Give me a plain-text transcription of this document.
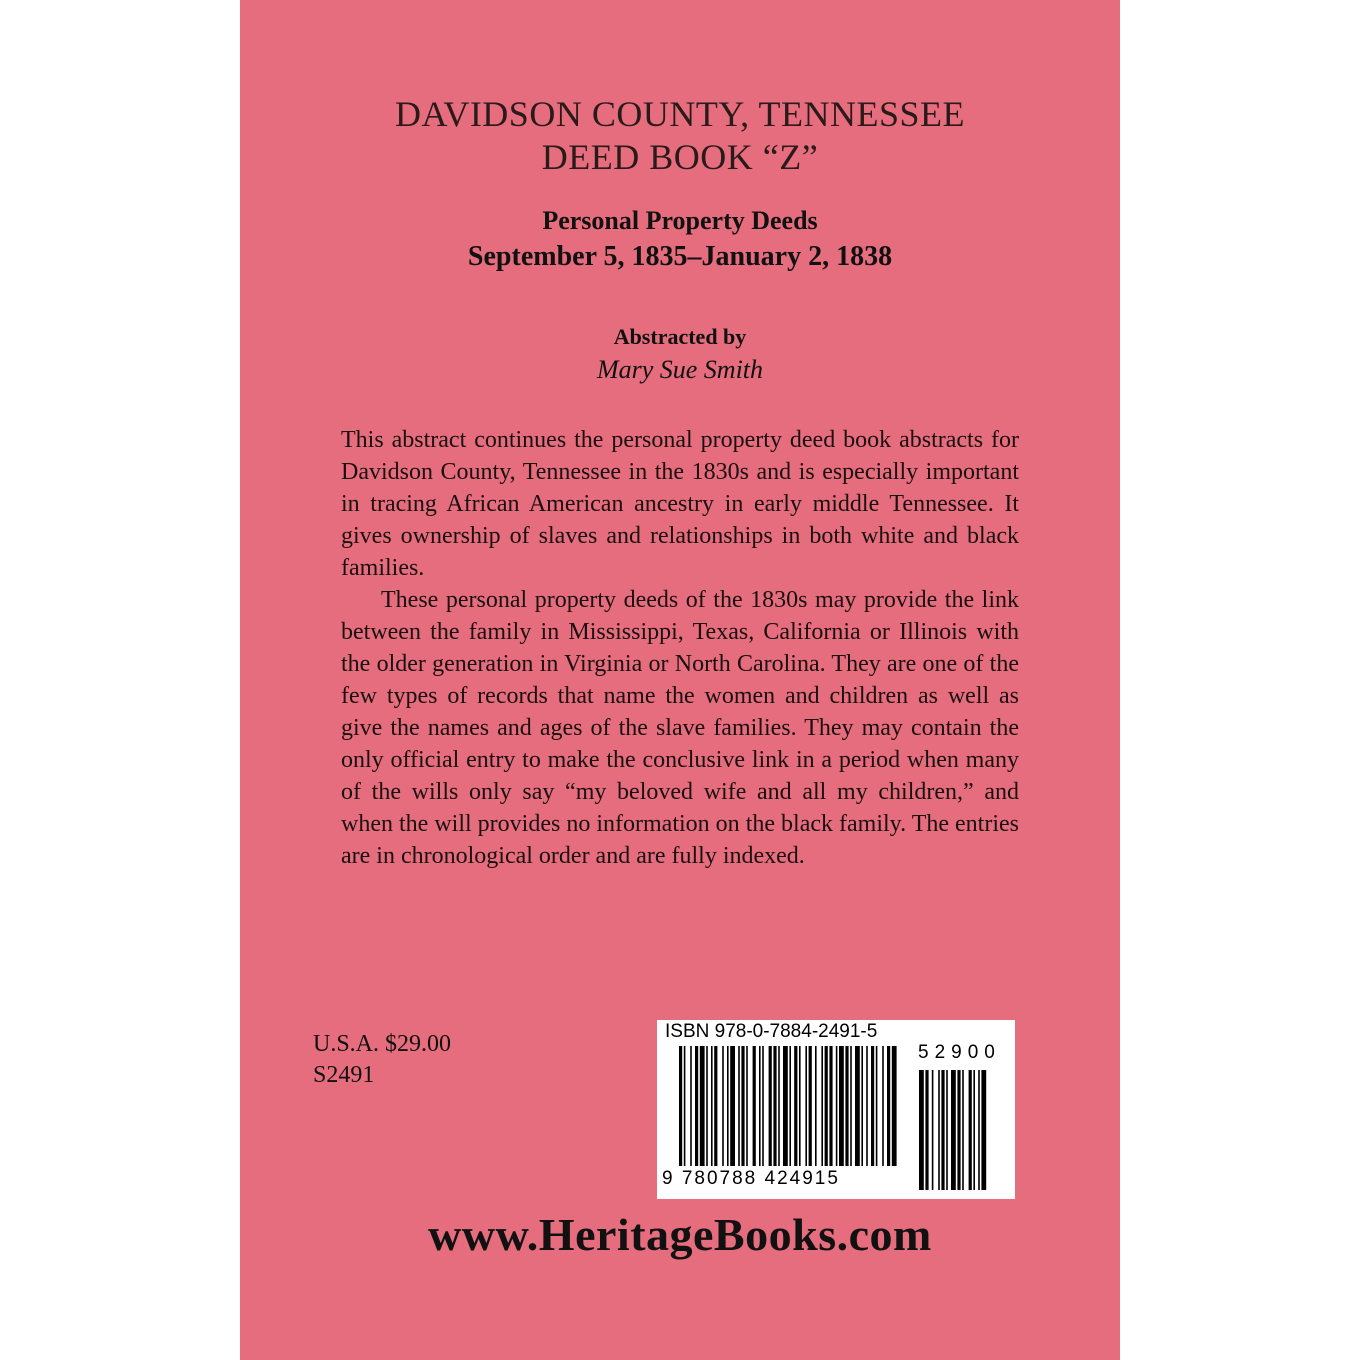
DAVIDSON COUNTY, TENNESSEE
DEED BOOK “Z”
Personal Property Deeds
September 5, 1835–January 2, 1838
Abstracted by
Mary Sue Smith

This abstract continues the personal property deed book abstracts for Davidson County, Tennessee in the 1830s and is especially important in tracing African American ancestry in early middle Tennessee. It gives ownership of slaves and relationships in both white and black families.

These personal property deeds of the 1830s may provide the link between the family in Mississippi, Texas, California or Illinois with the older generation in Virginia or North Carolina. They are one of the few types of records that name the women and children as well as give the names and ages of the slave families. They may contain the only official entry to make the conclusive link in a period when many of the wills only say “my beloved wife and all my children,” and when the will provides no information on the black family. The entries are in chronological order and are fully indexed.

U.S.A. $29.00
S2491
ISBN 978-0-7884-2491-5
52900
9 780788 424915
www.HeritageBooks.com
